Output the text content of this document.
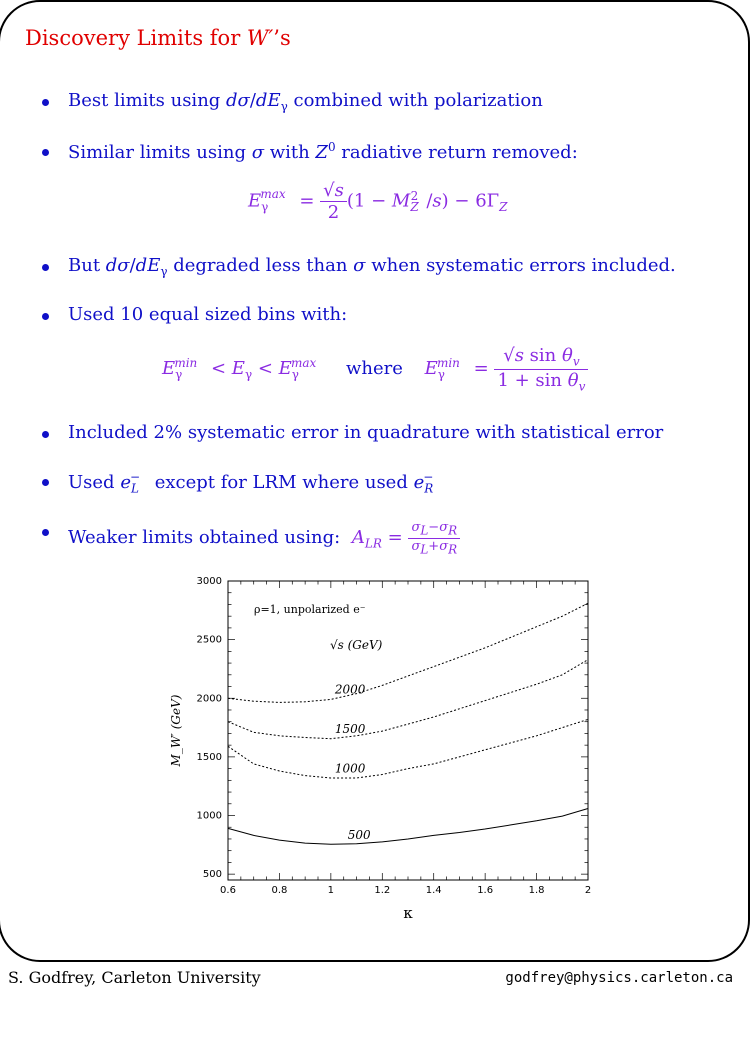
Discovery Limits for W′’s
Best limits using $d\sigma/dE_\gamma$ combined with polarization
Similar limits using σ with $Z^0$ radiative return removed:
$E_\gamma^{max} = \frac{√s}{2} (1 - M_Z^2$ $/s) - 6\Gamma_Z$
But $d\sigma/dE_\gamma$ degraded less than σ when systematic errors included.
Used 10 equal sized bins with:
$E_\gamma^{min} < E_\gamma < E_\gamma^{max}$ where $E_\gamma^{min} = \frac{√s \sin \theta_v}{1 + \sin \theta_v}$
Included 2% systematic error in quadrature with statistical error
Used $e_L^-$ except for LRM where used $e_R^-$
Weaker limits obtained using: $A_{LR} = \frac{\sigma_L-\sigma_R}{\sigma_L+\sigma_R}$
0.6	0.8	1	1.2	1.4	1.6	1.8	2
500
1000
1500
2000
2500
3000
κ
M_W′ (GeV)
ρ=1, unpolarized e⁻
√s (GeV)
2000
1500
1000
500
S. Godfrey, Carleton University	godfrey@physics.carleton.ca
